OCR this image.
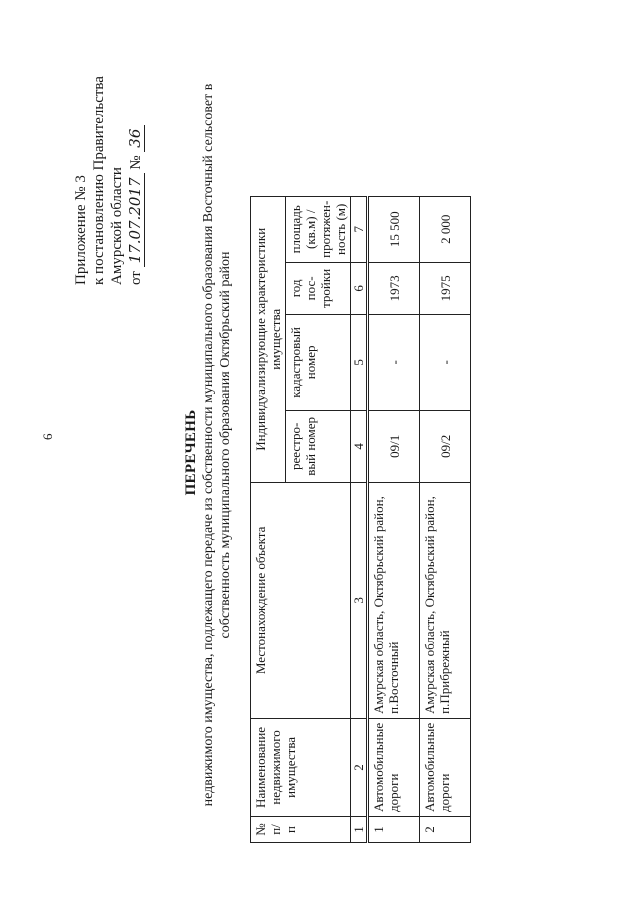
6
Приложение № 3 к постановлению Правительства Амурской области от 17.07.2017 № 36
ПЕРЕЧЕНЬ недвижимого имущества, подлежащего передаче из собственности муниципального образования Восточный сельсовет в собственность муниципального образования Октябрьский район
№ п/п	Наименование недвижимого имущества	Местонахождение объекта	Индивидуализирующие характеристики имущества			
			реестро-вый номер	кадастровый номер	год пос-тройки	площадь (кв.м) / протяжен-ность (м)
1	2	3	4	5	6	7
1	Автомобильные дороги	Амурская область, Октябрьский район, п.Восточный	09/1	-	1973	15 500
2	Автомобильные дороги	Амурская область, Октябрьский район, п.Прибрежный	09/2	-	1975	2 000
